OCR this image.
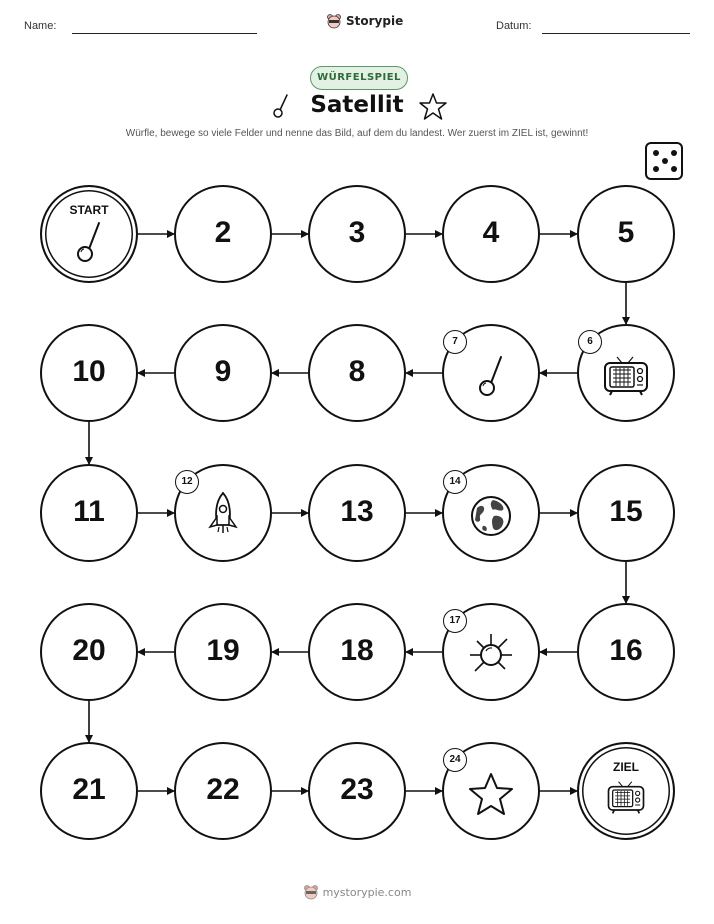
Name:	Storypie	Datum:
WÜRFELSPIEL
Satellit
Würfle, bewege so viele Felder und nenne das Bild, auf dem du landest. Wer zuerst im ZIEL ist, gewinnt!
START
2	3	4	5
6
7
8
9
10
11
12
13
14
15
16
17
18
19
20
21	22	23
24
ZIEL
mystorypie.com
